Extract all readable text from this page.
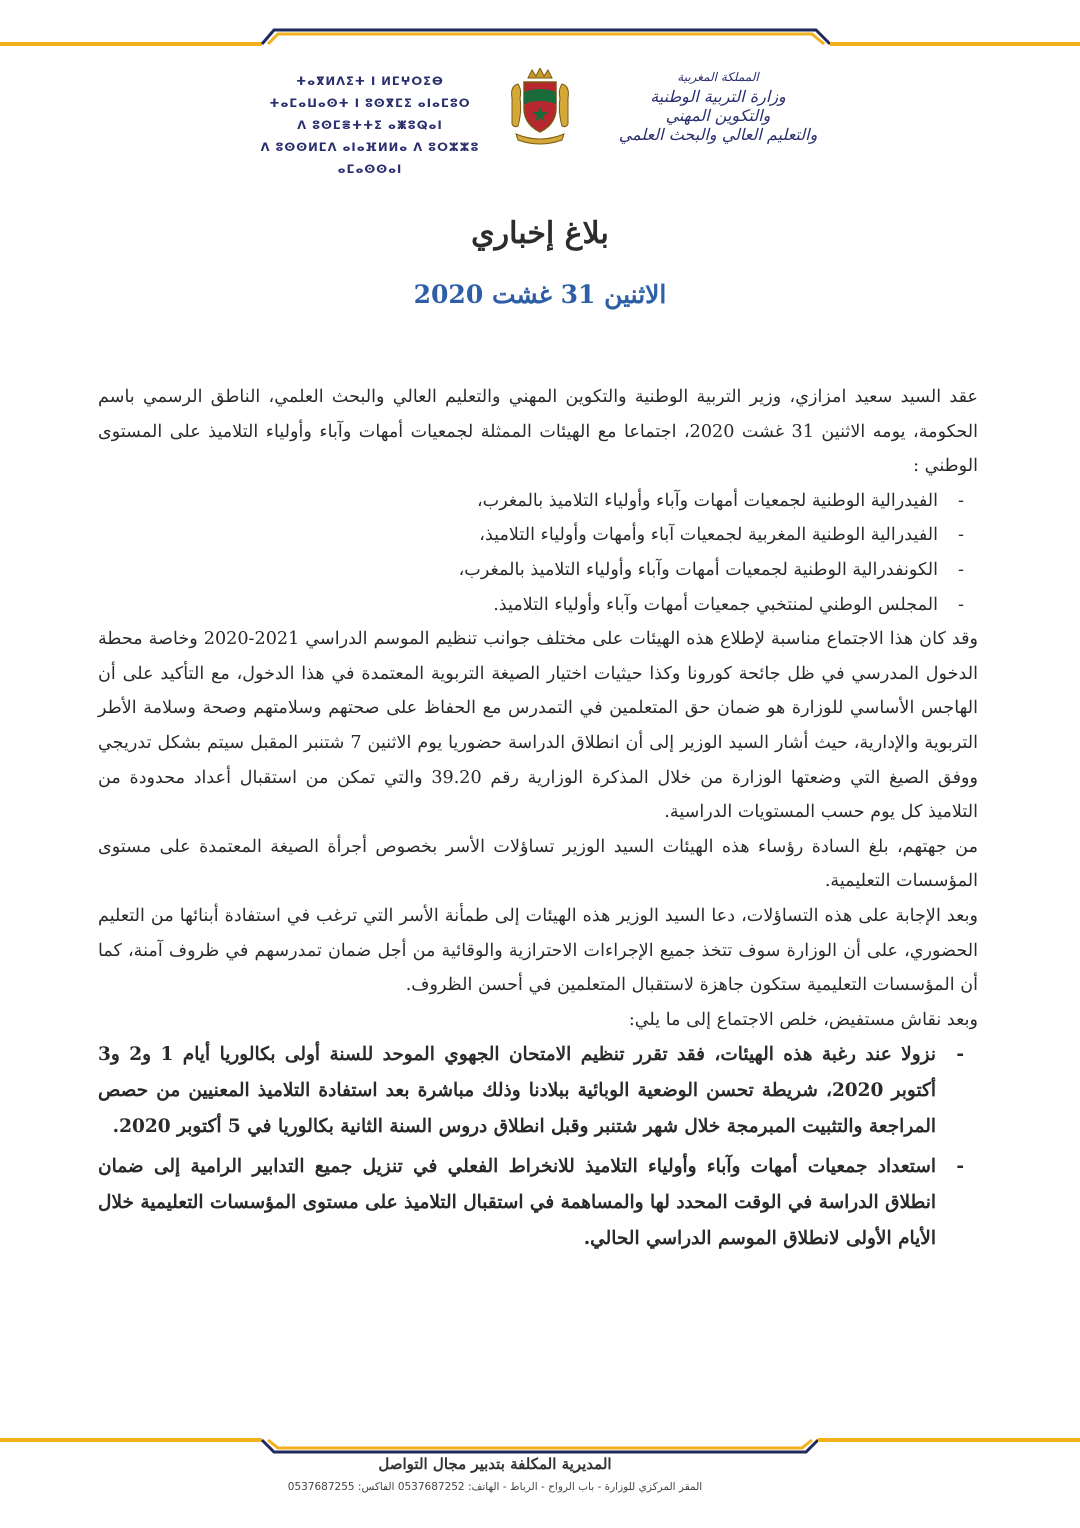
ⵜⴰⴳⵍⴷⵉⵜ ⵏ ⵍⵎⵖⵔⵉⴱ
ⵜⴰⵎⴰⵡⴰⵙⵜ ⵏ ⵓⵙⴳⵎⵉ ⴰⵏⴰⵎⵓⵔ
ⴷ ⵓⵙⵎⴻⵜⵜⵉ ⴰⵥⵓⵕⴰⵏ
ⴷ ⵓⵙⵙⵍⵎⴷ ⴰⵏⴰⴼⵍⵍⴰ ⴷ ⵓⵔⵣⵣⵓ ⴰⵎⴰⵙⵙⴰⵏ
المملكة المغربية
وزارة التربية الوطنية
والتكوين المهني
والتعليم العالي والبحث العلمي
بلاغ إخباري
الاثنين 31 غشت 2020

عقد السيد سعيد امزازي، وزير التربية الوطنية والتكوين المهني والتعليم العالي والبحث العلمي، الناطق الرسمي باسم الحكومة، يومه الاثنين 31 غشت 2020، اجتماعا مع الهيئات الممثلة لجمعيات أمهات وآباء وأولياء التلاميذ على المستوى الوطني :

- الفيدرالية الوطنية لجمعيات أمهات وآباء وأولياء التلاميذ بالمغرب،
- الفيدرالية الوطنية المغربية لجمعيات آباء وأمهات وأولياء التلاميذ،
- الكونفدرالية الوطنية لجمعيات أمهات وآباء وأولياء التلاميذ بالمغرب،
- المجلس الوطني لمنتخبي جمعيات أمهات وآباء وأولياء التلاميذ.

وقد كان هذا الاجتماع مناسبة لإطلاع هذه الهيئات على مختلف جوانب تنظيم الموسم الدراسي 2021-2020 وخاصة محطة الدخول المدرسي في ظل جائحة كورونا وكذا حيثيات اختيار الصيغة التربوية المعتمدة في هذا الدخول، مع التأكيد على أن الهاجس الأساسي للوزارة هو ضمان حق المتعلمين في التمدرس مع الحفاظ على صحتهم وسلامتهم وصحة وسلامة الأطر التربوية والإدارية، حيث أشار السيد الوزير إلى أن انطلاق الدراسة حضوريا يوم الاثنين 7 شتنبر المقبل سيتم بشكل تدريجي ووفق الصيغ التي وضعتها الوزارة من خلال المذكرة الوزارية رقم 39.20 والتي تمكن من استقبال أعداد محدودة من التلاميذ كل يوم حسب المستويات الدراسية.

من جهتهم، بلغ السادة رؤساء هذه الهيئات السيد الوزير تساؤلات الأسر بخصوص أجرأة الصيغة المعتمدة على مستوى المؤسسات التعليمية.

وبعد الإجابة على هذه التساؤلات، دعا السيد الوزير هذه الهيئات إلى طمأنة الأسر التي ترغب في استفادة أبنائها من التعليم الحضوري، على أن الوزارة سوف تتخذ جميع الإجراءات الاحترازية والوقائية من أجل ضمان تمدرسهم في ظروف آمنة، كما أن المؤسسات التعليمية ستكون جاهزة لاستقبال المتعلمين في أحسن الظروف.

وبعد نقاش مستفيض، خلص الاجتماع إلى ما يلي:

- نزولا عند رغبة هذه الهيئات، فقد تقرر تنظيم الامتحان الجهوي الموحد للسنة أولى بكالوريا أيام 1 و2 و3 أكتوبر 2020، شريطة تحسن الوضعية الوبائية ببلادنا وذلك مباشرة بعد استفادة التلاميذ المعنيين من حصص المراجعة والتثبيت المبرمجة خلال شهر شتنبر وقبل انطلاق دروس السنة الثانية بكالوريا في 5 أكتوبر 2020.
- استعداد جمعيات أمهات وآباء وأولياء التلاميذ للانخراط الفعلي في تنزيل جميع التدابير الرامية إلى ضمان انطلاق الدراسة في الوقت المحدد لها والمساهمة في استقبال التلاميذ على مستوى المؤسسات التعليمية خلال الأيام الأولى لانطلاق الموسم الدراسي الحالي.
المديرية المكلفة بتدبير مجال التواصل
المقر المركزي للوزارة - باب الرواح - الرباط - الهاتف: 0537687252 الفاكس: 0537687255
